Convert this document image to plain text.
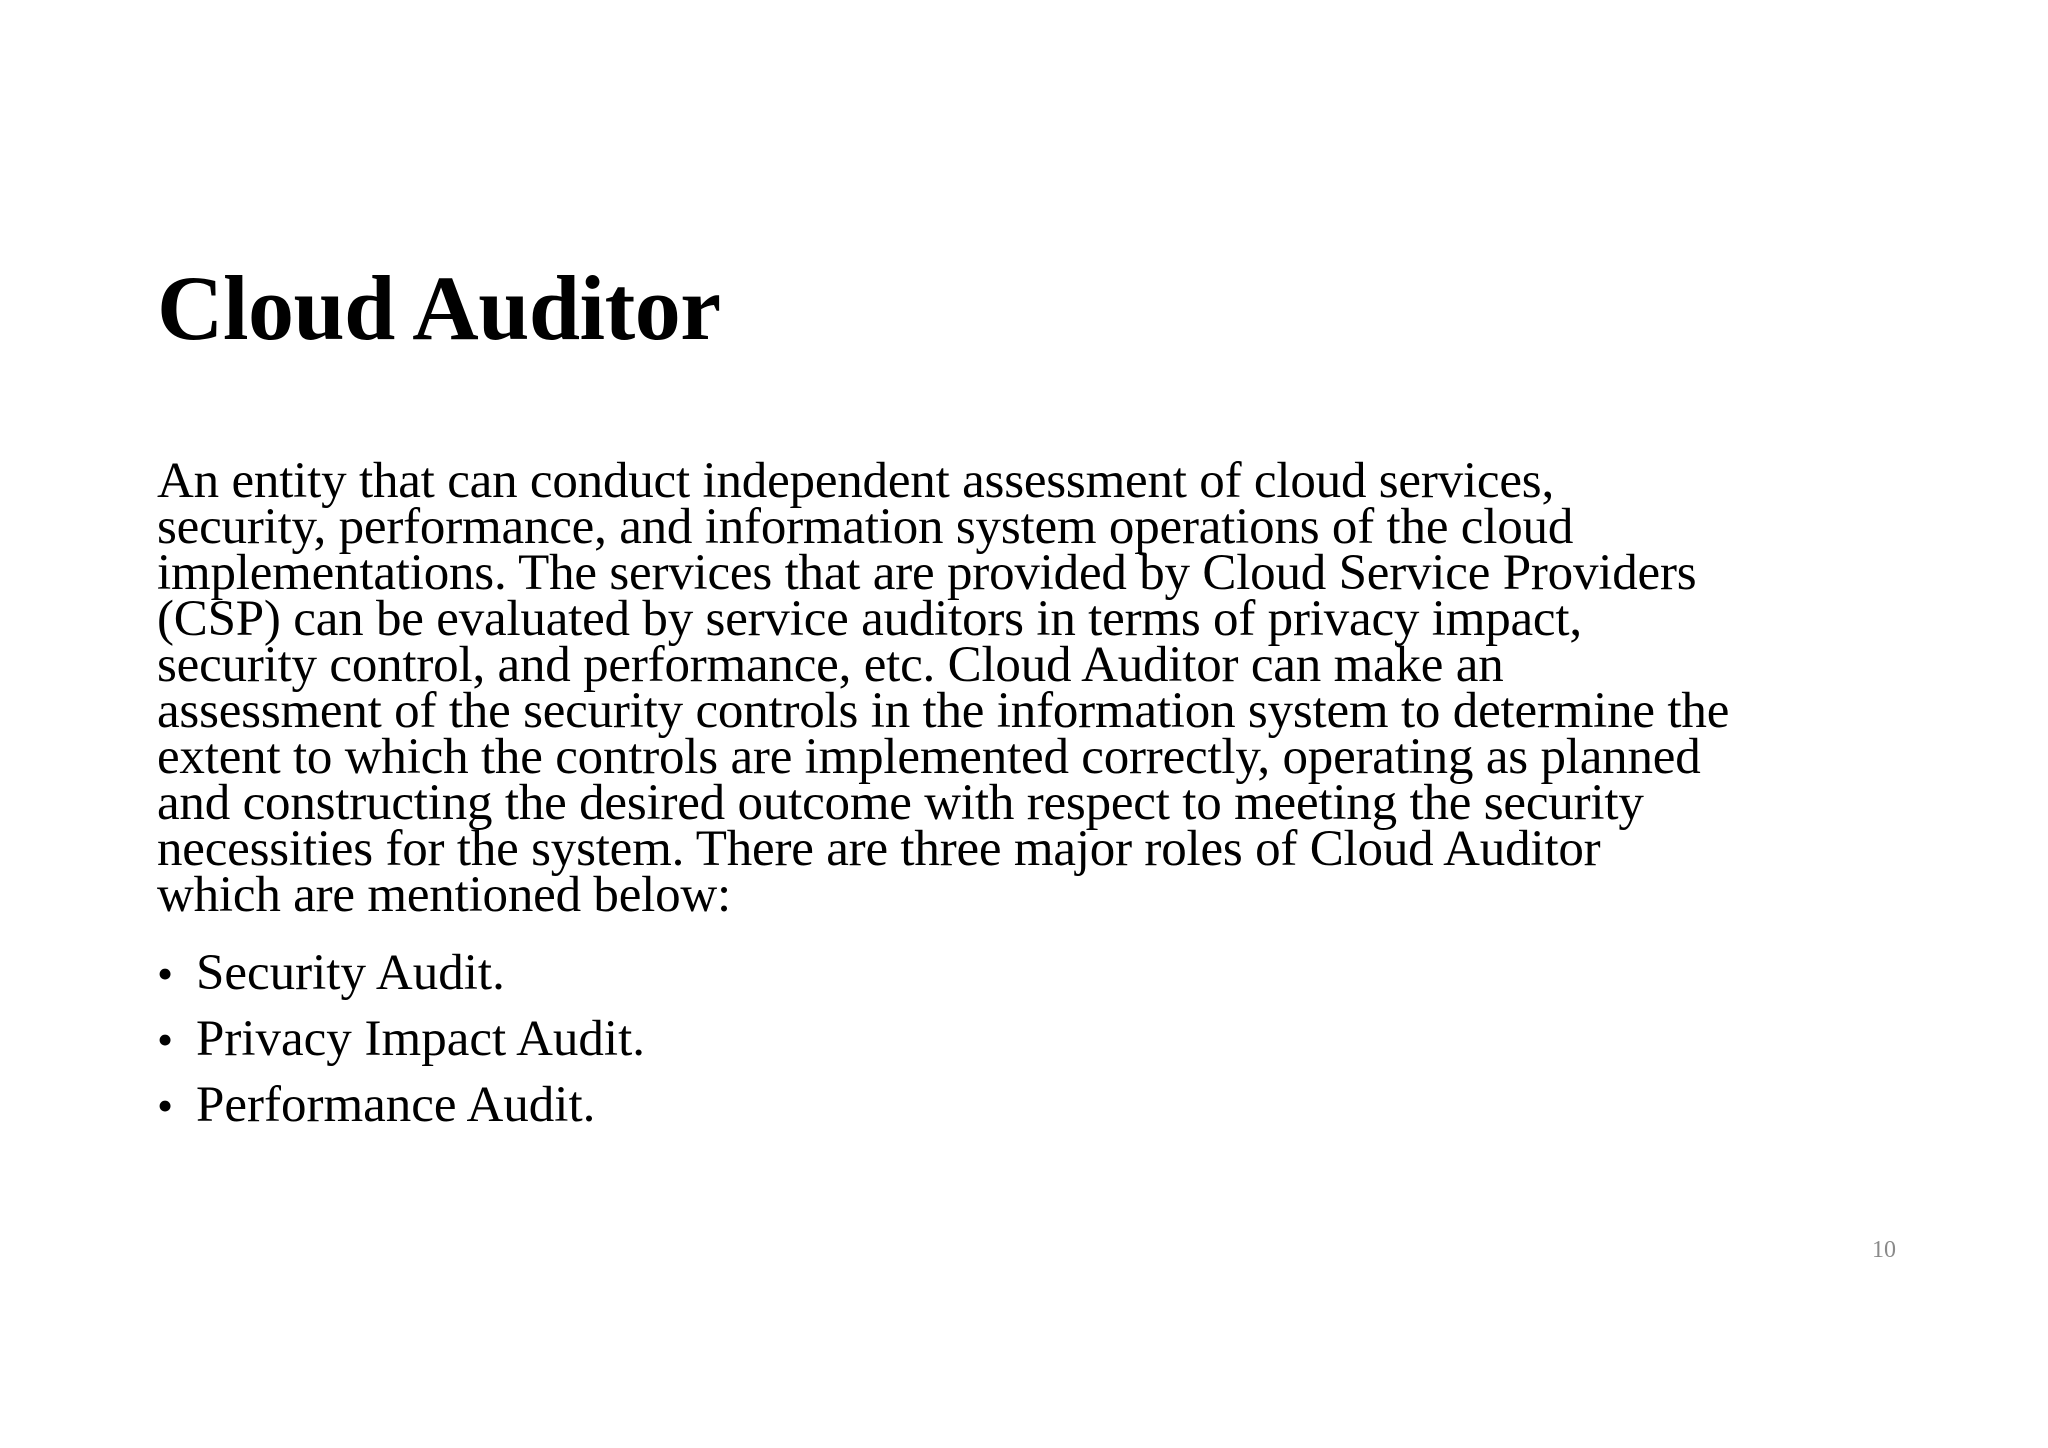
Cloud Auditor
An entity that can conduct independent assessment of cloud services,
security, performance, and information system operations of the cloud
implementations. The services that are provided by Cloud Service Providers
(CSP) can be evaluated by service auditors in terms of privacy impact,
security control, and performance, etc. Cloud Auditor can make an
assessment of the security controls in the information system to determine the
extent to which the controls are implemented correctly, operating as planned
and constructing the desired outcome with respect to meeting the security
necessities for the system. There are three major roles of Cloud Auditor
which are mentioned below:
• Security Audit.
• Privacy Impact Audit.
• Performance Audit.
10
